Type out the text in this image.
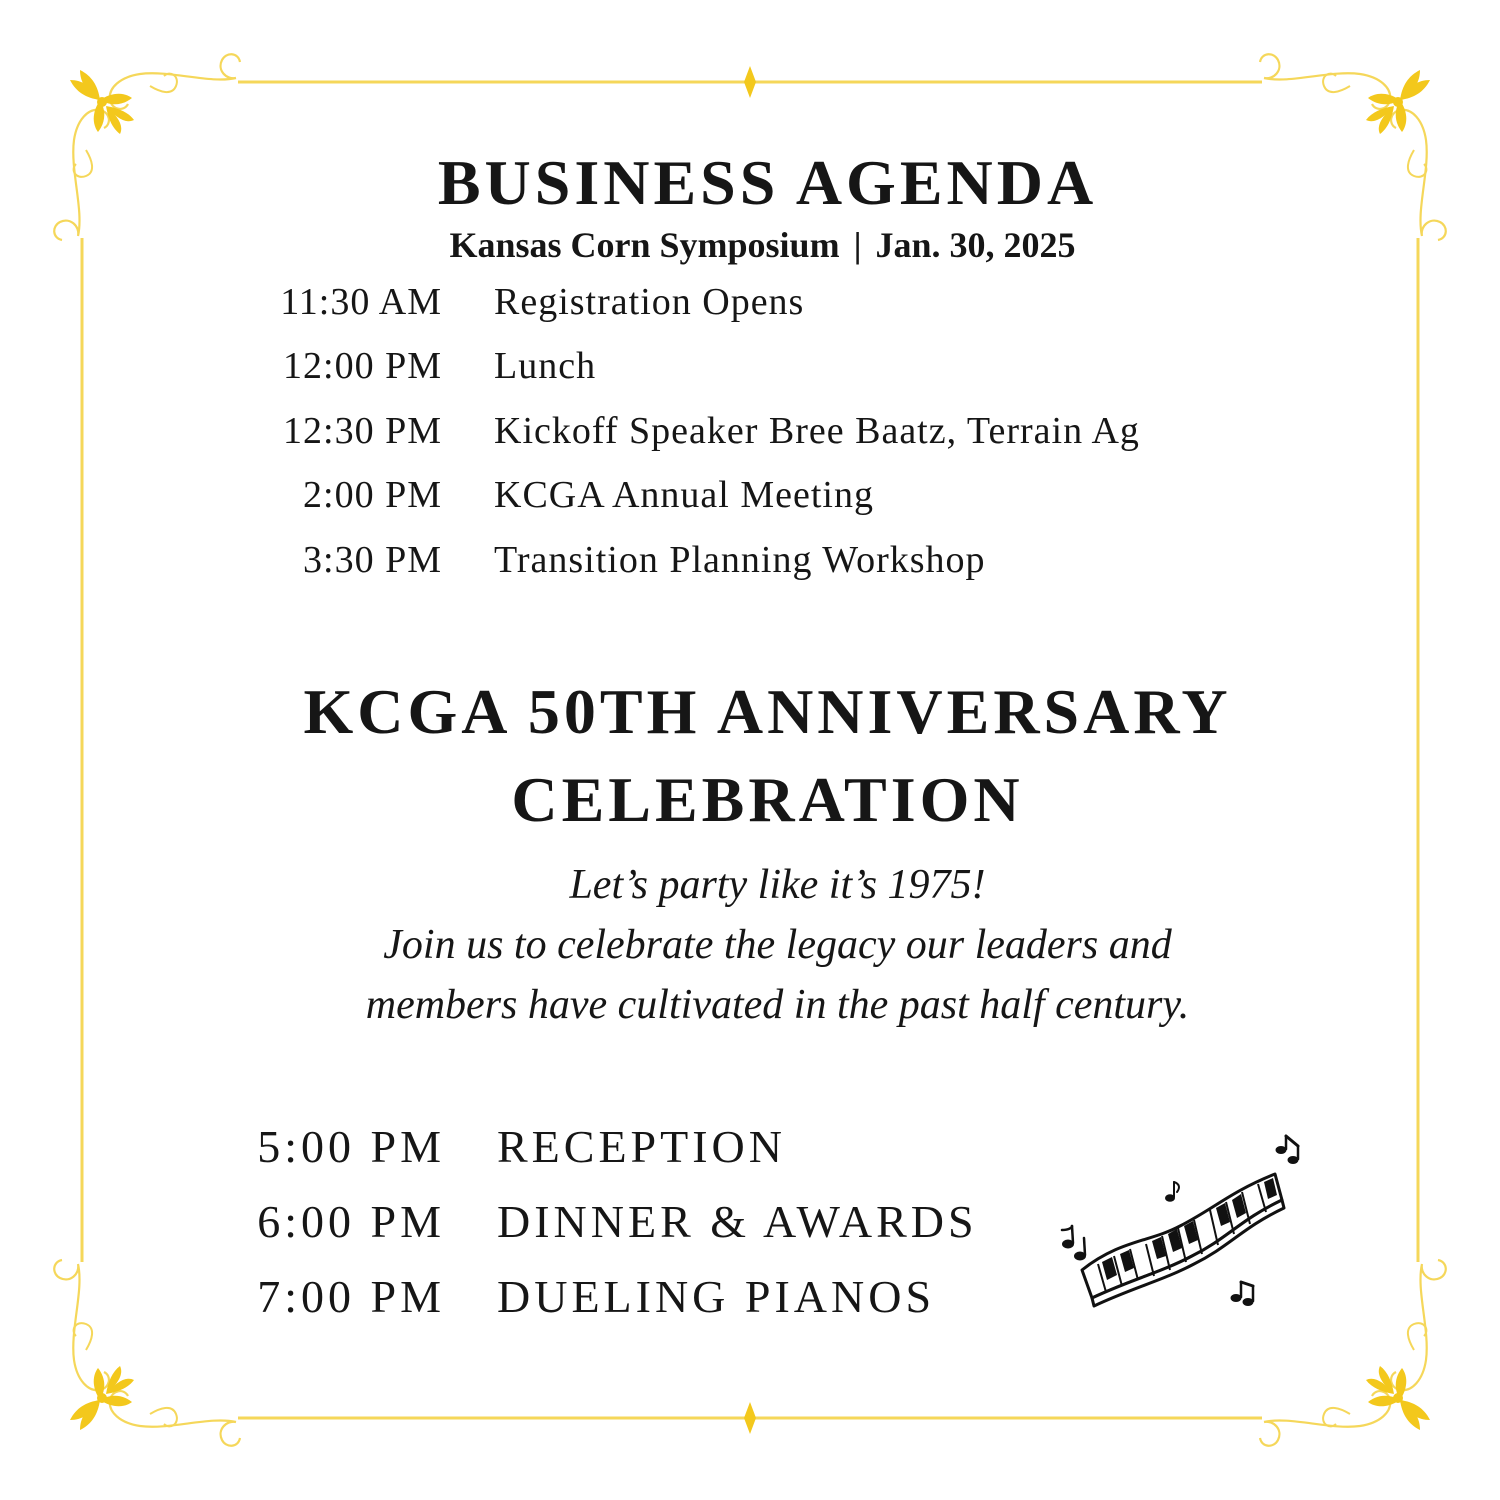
BUSINESS AGENDA

Kansas Corn Symposium | Jan. 30, 2025

11:30 AM Registration Opens
12:00 PM Lunch
12:30 PM Kickoff Speaker Bree Baatz, Terrain Ag
2:00 PM KCGA Annual Meeting
3:30 PM Transition Planning Workshop
KCGA 50TH ANNIVERSARY
CELEBRATION

Let’s party like it’s 1975!
Join us to celebrate the legacy our leaders and
members have cultivated in the past half century.

5:00 PM RECEPTION
6:00 PM DINNER & AWARDS
7:00 PM DUELING PIANOS
